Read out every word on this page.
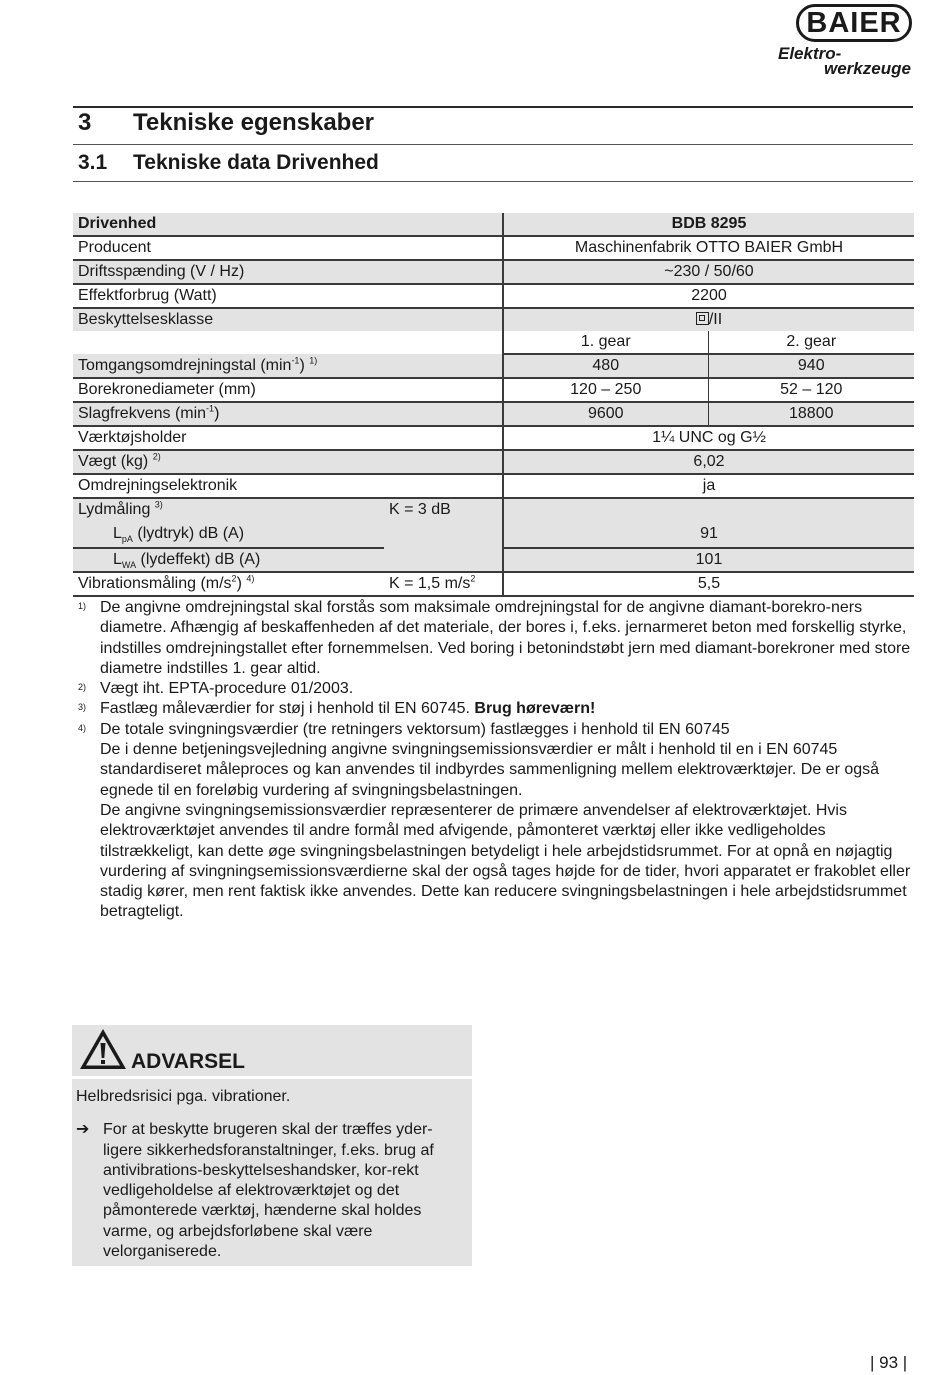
BAIER
Elektro-
werkzeuge
3 Tekniske egenskaber
3.1 Tekniske data Drivenhed
Drivenhed		BDB 8295	
Producent		Maschinenfabrik OTTO BAIER GmbH	
Driftsspænding (V / Hz)		~230 / 50/60	
Effektforbrug (Watt)		2200	
Beskyttelsesklasse		/II	
		1. gear	2. gear
Tomgangsomdrejningstal $(\min^{-1})$ $^{1)}$		480	940
Borekronediameter (mm)		120 – 250	52 – 120
Slagfrekvens $(\min^{-1})$		9600	18800
Værktøjsholder		1¼ UNC og G½	
Vægt (kg) $^{2)}$		6,02	
Omdrejningselektronik		ja	
Lydmåling $^{3)}$	K = 3 dB		
$L_{pA}$ (lydtryk) dB (A)		91	
$L_{WA}$ (lydeffekt) dB (A)		101	
Vibrationsmåling $(m/s^2)$ $^{4)}$	K = 1,5 $m/s^2$	5,5	
1) De angivne omdrejningstal skal forstås som maksimale omdrejningstal for de angivne diamant-borekro-ners diametre. Afhængig af beskaffenheden af det materiale, der bores i, f.eks. jernarmeret beton med forskellig styrke, indstilles omdrejningstallet efter fornemmelsen. Ved boring i betonindstøbt jern med diamant-borekroner med store diametre indstilles 1. gear altid.

2) Vægt iht. EPTA-procedure 01/2003.

3) Fastlæg måleværdier for støj i henhold til EN 60745. Brug høreværn!
4) De totale svingningsværdier (tre retningers vektorsum) fastlægges i henhold til EN 60745

De i denne betjeningsvejledning angivne svingningsemissionsværdier er målt i henhold til en i EN 60745 standardiseret måleproces og kan anvendes til indbyrdes sammenligning mellem elektroværktøjer. De er også egnede til en foreløbig vurdering af svingningsbelastningen.

De angivne svingningsemissionsværdier repræsenterer de primære anvendelser af elektroværktøjet. Hvis elektroværktøjet anvendes til andre formål med afvigende, påmonteret værktøj eller ikke vedligeholdes tilstrækkeligt, kan dette øge svingningsbelastningen betydeligt i hele arbejdstidsrummet. For at opnå en nøjagtig vurdering af svingningsemissionsværdierne skal der også tages højde for de tider, hvori apparatet er frakoblet eller stadig kører, men rent faktisk ikke anvendes. Dette kan reducere svingningsbelastningen i hele arbejdstidsrummet betragteligt.

ADVARSEL

Helbredsrisici pga. vibrationer.

➔ For at beskytte brugeren skal der træffes yder-ligere sikkerhedsforanstaltninger, f.eks. brug af antivibrations-beskyttelseshandsker, kor-rekt vedligeholdelse af elektroværktøjet og det påmonterede værktøj, hænderne skal holdes varme, og arbejdsforløbene skal være velorganiserede.
| 93 |
